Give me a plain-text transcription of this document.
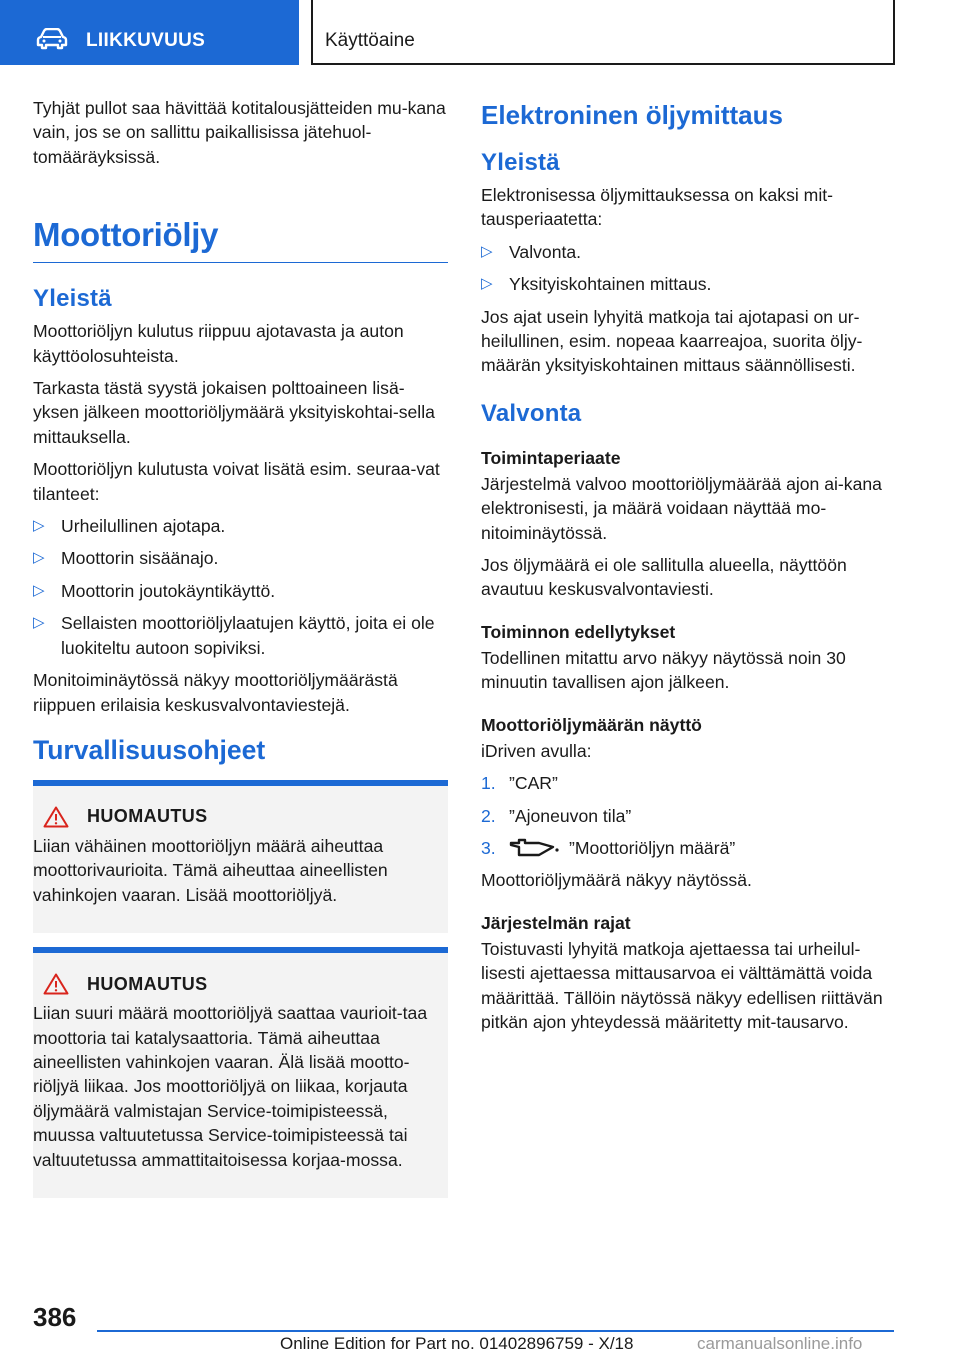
LIIKKUVUUS	Käyttöaine

Tyhjät pullot saa hävittää kotitalousjätteiden mu-kana vain, jos se on sallittu paikallisissa jätehuol-tomääräyksissä.

Moottoriöljy
Yleistä

Moottoriöljyn kulutus riippuu ajotavasta ja auton käyttöolosuhteista.

Tarkasta tästä syystä jokaisen polttoaineen lisä-yksen jälkeen moottoriöljymäärä yksityiskohtai-sella mittauksella.

Moottoriöljyn kulutusta voivat lisätä esim. seuraa-vat tilanteet:

▷ Urheilullinen ajotapa.
▷ Moottorin sisäänajo.
▷ Moottorin joutokäyntikäyttö.
▷ Sellaisten moottoriöljylaatujen käyttö, joita ei ole luokiteltu autoon sopiviksi.

Monitoiminäytössä näkyy moottoriöljymäärästä riippuen erilaisia keskusvalvontaviestejä.

Turvallisuusohjeet
HUOMAUTUS

Liian vähäinen moottoriöljyn määrä aiheuttaa moottorivaurioita. Tämä aiheuttaa aineellisten vahinkojen vaaran. Lisää moottoriöljyä.

HUOMAUTUS

Liian suuri määrä moottoriöljyä saattaa vaurioit-taa moottoria tai katalysaattoria. Tämä aiheuttaa aineellisten vahinkojen vaaran. Älä lisää mootto-riöljyä liikaa. Jos moottoriöljyä on liikaa, korjauta öljymäärä valmistajan Service-toimipisteessä, muussa valtuutetussa Service-toimipisteessä tai valtuutetussa ammattitaitoisessa korjaa-mossa.

Elektroninen öljymittaus
Yleistä

Elektronisessa öljymittauksessa on kaksi mit-tausperiaatetta:

▷ Valvonta.
▷ Yksityiskohtainen mittaus.

Jos ajat usein lyhyitä matkoja tai ajotapasi on ur-heilullinen, esim. nopeaa kaarreajoa, suorita öljy-määrän yksityiskohtainen mittaus säännöllisesti.

Valvonta
Toimintaperiaate

Järjestelmä valvoo moottoriöljymäärää ajon ai-kana elektronisesti, ja määrä voidaan näyttää mo-nitoiminäytössä.

Jos öljymäärä ei ole sallitulla alueella, näyttöön avautuu keskusvalvontaviesti.

Toiminnon edellytykset

Todellinen mitattu arvo näkyy näytössä noin 30 minuutin tavallisen ajon jälkeen.

Moottoriöljymäärän näyttö

iDriven avulla:

1. ”CAR”
2. ”Ajoneuvon tila”
3.	”Moottoriöljyn määrä”

Moottoriöljymäärä näkyy näytössä.

Järjestelmän rajat

Toistuvasti lyhyitä matkoja ajettaessa tai urheilul-lisesti ajettaessa mittausarvoa ei välttämättä voida määrittää. Tällöin näytössä näkyy edellisen riittävän pitkän ajon yhteydessä määritetty mit-tausarvo.

386
Online Edition for Part no. 01402896759 - X/18	carmanualsonline.info
